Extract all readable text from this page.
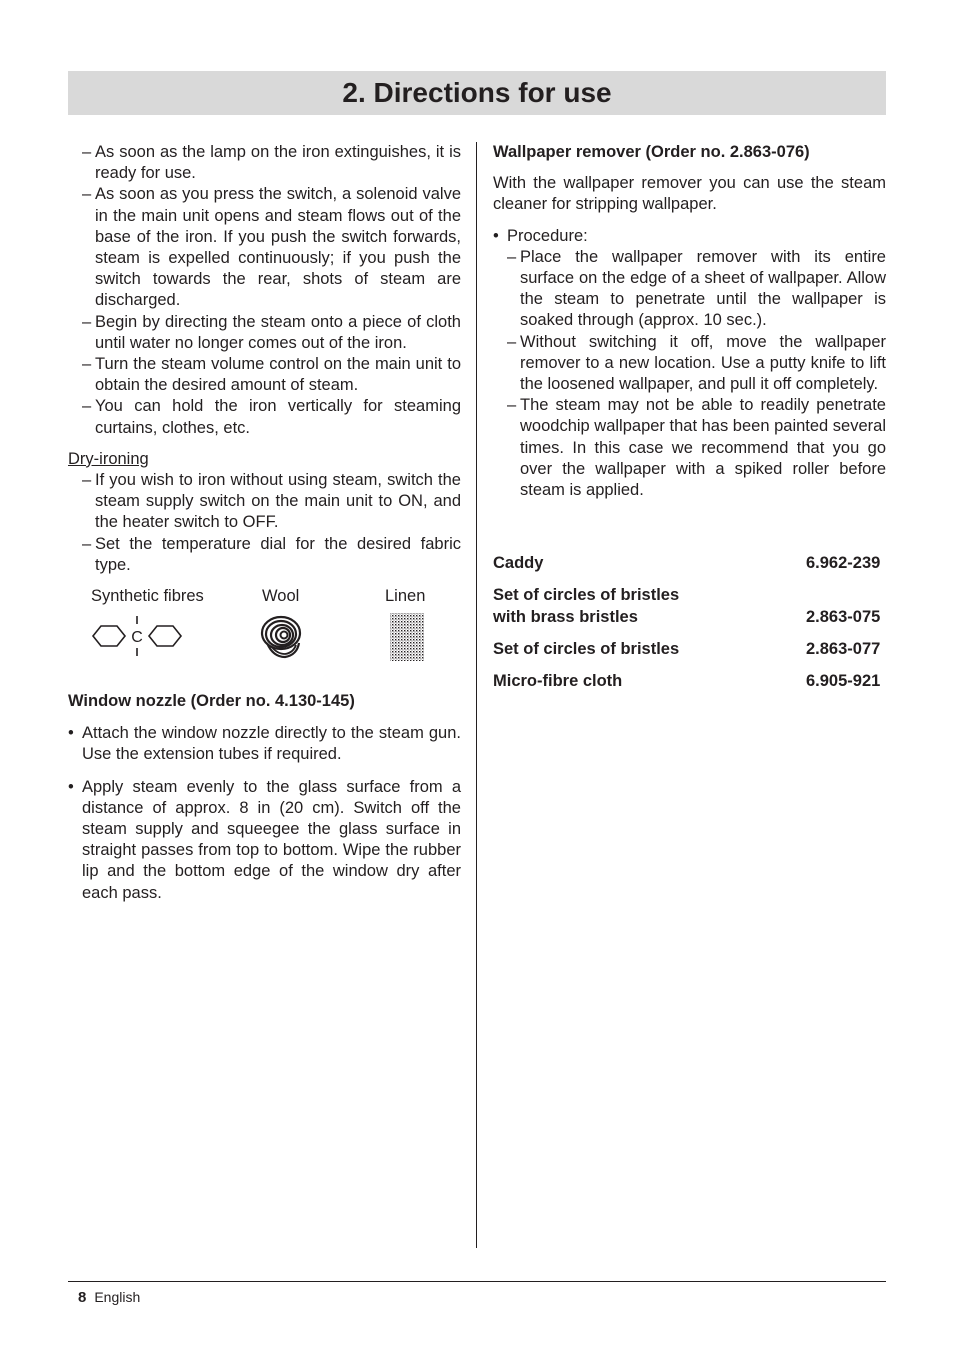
2. Directions for use
– As soon as the lamp on the iron extinguishes, it is ready for use.
– As soon as you press the switch, a solenoid valve in the main unit opens and steam flows out of the base of the iron. If you push the switch forwards, steam is expelled continuously; if you push the switch towards the rear, shots of steam are discharged.
– Begin by directing the steam onto a piece of cloth until water no longer comes out of the iron.
– Turn the steam volume control on the main unit to obtain the desired amount of steam.
– You can hold the iron vertically for steaming curtains, clothes, etc.
Dry-ironing
– If you wish to iron without using steam, switch the steam supply switch on the main unit to ON, and the heater switch to OFF.
– Set the temperature dial for the desired fabric type.
Synthetic fibres	Wool	Linen
C
Window nozzle (Order no. 4.130-145)
• Attach the window nozzle directly to the steam gun. Use the extension tubes if required.
• Apply steam evenly to the glass surface from a distance of approx. 8 in (20 cm). Switch off the steam supply and squeegee the glass surface in straight passes from top to bottom. Wipe the rubber lip and the bottom edge of the window dry after each pass.
Wallpaper remover (Order no. 2.863-076)

With the wallpaper remover you can use the steam cleaner for stripping wallpaper.

• Procedure:
– Place the wallpaper remover with its entire surface on the edge of a sheet of wallpaper. Allow the steam to penetrate until the wallpaper is soaked through (approx. 10 sec.).
– Without switching it off, move the wallpaper remover to a new location. Use a putty knife to lift the loosened wallpaper, and pull it off completely.
– The steam may not be able to readily penetrate woodchip wallpaper that has been painted several times. In this case we recommend that you go over the wallpaper with a spiked roller before steam is applied.
Caddy	6.962-239
Set of circles of bristles
with brass bristles	2.863-075
Set of circles of bristles	2.863-077
Micro-fibre cloth	6.905-921
8 English
